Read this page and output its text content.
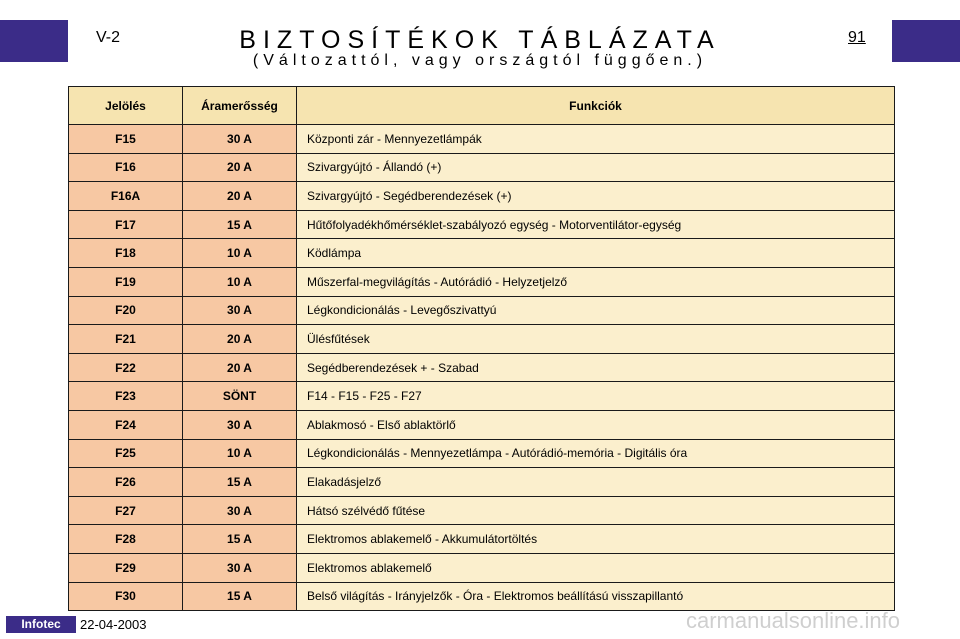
V-2	91
BIZTOSÍTÉKOK TÁBLÁZATA
(Változattól, vagy országtól függően.)
Jelölés	Áramerősség	Funkciók
F15	30 A	Központi zár - Mennyezetlámpák
F16	20 A	Szivargyújtó - Állandó (+)
F16A	20 A	Szivargyújtó - Segédberendezések (+)
F17	15 A	Hűtőfolyadékhőmérséklet-szabályozó egység - Motorventilátor-egység
F18	10 A	Ködlámpa
F19	10 A	Műszerfal-megvilágítás - Autórádió - Helyzetjelző
F20	30 A	Légkondicionálás - Levegőszivattyú
F21	20 A	Ülésfűtések
F22	20 A	Segédberendezések + - Szabad
F23	SÖNT	F14 - F15 - F25 - F27
F24	30 A	Ablakmosó - Első ablaktörlő
F25	10 A	Légkondicionálás - Mennyezetlámpa - Autórádió-memória - Digitális óra
F26	15 A	Elakadásjelző
F27	30 A	Hátsó szélvédő fűtése
F28	15 A	Elektromos ablakemelő - Akkumulátortöltés
F29	30 A	Elektromos ablakemelő
F30	15 A	Belső világítás - Irányjelzők - Óra - Elektromos beállítású visszapillantó
Infotec	22-04-2003	carmanualsonline.info
